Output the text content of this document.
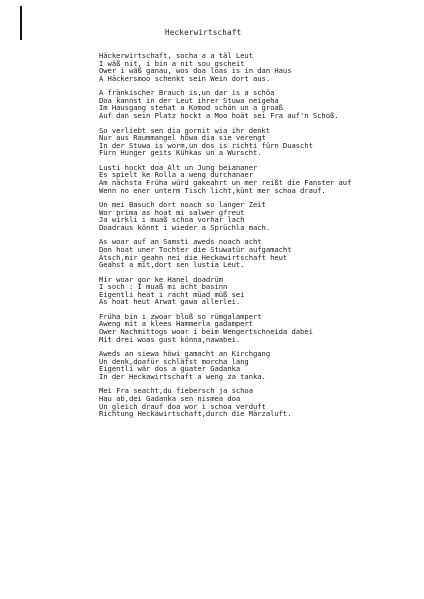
Heckerwirtschaft
Häckerwirtschaft, socha a a täl Leut
I wäß nit, i bin a nit sou gscheit
Ower i wäß ganau, wos doa loas is in dan Haus
A Häckersmoo schenkt sein Wein dort aus.
A fränkischer Brauch is,un dar is a schöa
Doa kannst in der Leut ihrer Stuwa neigeha
Im Hausgang stehat a Komod schön un a groaß
Auf dan sein Platz hockt a Moo hoät sei Fra auf'n Schoß.
So verliebt sen dia gornit wia ihr denkt
Nur aus Raummangel höwa dia sie verengt
In der Stuwa is worm,un dos is richti fürn Duascht
Fürn Hunger geits Kühkas un a Wurscht.
Lusti hockt doa Alt un Jung beiananer
Es spielt ke Rolla a weng durchanaer
Am nächsta Früha würd gakeahrt un mer reißt die Fanster auf
Wenn no ener unterm Tisch licht,künt mer schoa drauf.
Un mei Basuch dort noach so langer Zeit
Wor prima as hoat mi salwer gfreut
Ja wirkli i muaß schoa vorhar lach
Doadraus könnt i wieder a Sprüchla mach.
As woar auf an Samsti aweds noach acht
Don hoat uner Tochter die Stuwatür aufgamacht
Ätsch,mir geahn nei die Heckawirtschaft heut
Geahst a mit,dort sen lustia Leut.
Mir woar gor ke Hanel doadrüm
I soch : I muaß mi ächt basinn
Eigentli heat i racht müad müß sei
As hoat heut Arwat gawa allerlei.
Früha bin i zwoar bloß so rümgalampert
Aweng mit a klees Hammerla gadampert
Ower Nachmittogs woar i beim Wengertschneida dabei
Mit drei woas gust könna,nawabei.
Aweds an siewa höwi gamacht an Kirchgang
Un denk,doafür schläfst morcha lang
Eigentli wär dos a guater Gadanka
In der Heckawirtschaft a weng za tanka.
Mei Fra seacht,du fiebersch ja schoa
Hau ab,dei Gadanka sen nismea doa
Un gleich drauf doa wor i schoa verduft
Richtung Heckawirtschaft,durch die Märzaluft.
